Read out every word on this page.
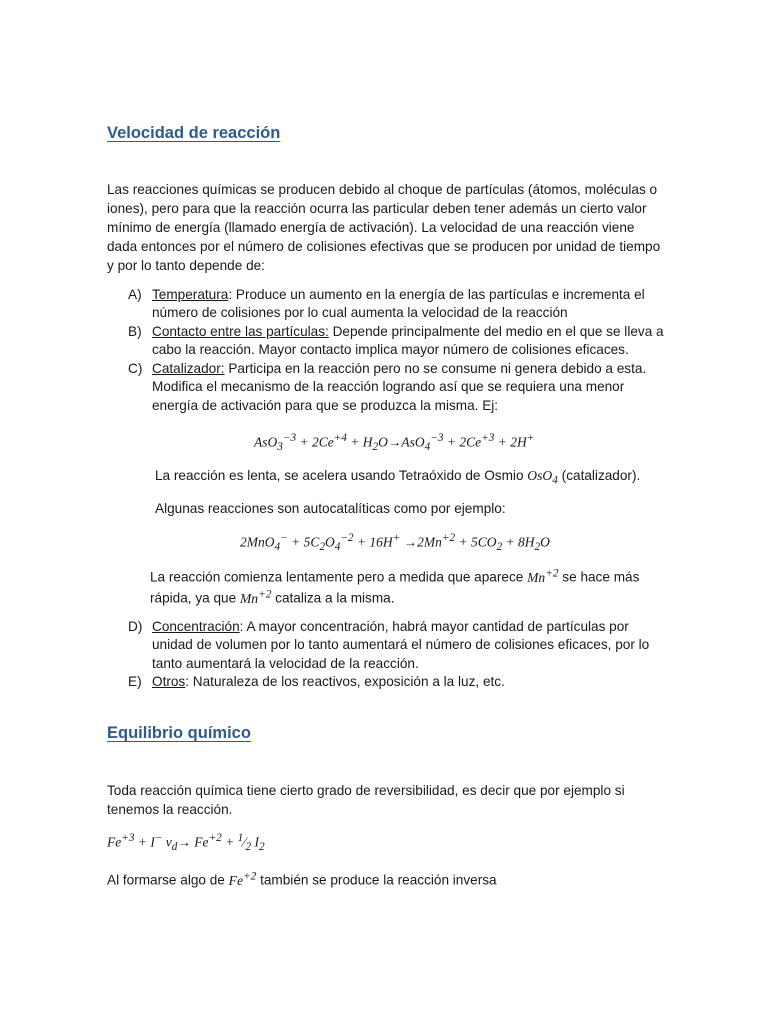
Velocidad de reacción

Las reacciones químicas se producen debido al choque de partículas (átomos, moléculas o iones), pero para que la reacción ocurra las particular deben tener además un cierto valor mínimo de energía (llamado energía de activación). La velocidad de una reacción viene dada entonces por el número de colisiones efectivas que se producen por unidad de tiempo y por lo tanto depende de:

A) Temperatura: Produce un aumento en la energía de las partículas e incrementa el número de colisiones por lo cual aumenta la velocidad de la reacción
B) Contacto entre las partículas: Depende principalmente del medio en el que se lleva a cabo la reacción. Mayor contacto implica mayor número de colisiones eficaces.
C) Catalizador: Participa en la reacción pero no se consume ni genera debido a esta. Modifica el mecanismo de la reacción logrando así que se requiera una menor energía de activación para que se produzca la misma. Ej:
$AsO_3^{-3} + 2Ce^{+4} + H_2O\to AsO_4^{-3} + 2Ce^{+3} + 2H^+$
La reacción es lenta, se acelera usando Tetraóxido de Osmio OsO$_4$ (catalizador).
Algunas reacciones son autocatalíticas como por ejemplo:
$2MnO_4^- + 5C_2O_4^{-2} + 16H^+ \to 2Mn^{+2} + 5CO_2 + 8H_2O$
La reacción comienza lentamente pero a medida que aparece $Mn^{+2}$ se hace más
rápida, ya que $Mn^{+2}$ cataliza a la misma.
D) Concentración: A mayor concentración, habrá mayor cantidad de partículas por unidad de volumen por lo tanto aumentará el número de colisiones eficaces, por lo tanto aumentará la velocidad de la reacción.
E) Otros: Naturaleza de los reactivos, exposición a la luz, etc.
Equilibrio químico

Toda reacción química tiene cierto grado de reversibilidad, es decir que por ejemplo si tenemos la reacción.

$Fe^{+3} + I^-$ $v_d\to Fe^{+2}$ + $^1⁄_2$ $I_2$
Al formarse algo de $Fe^{+2}$ también se produce la reacción inversa
